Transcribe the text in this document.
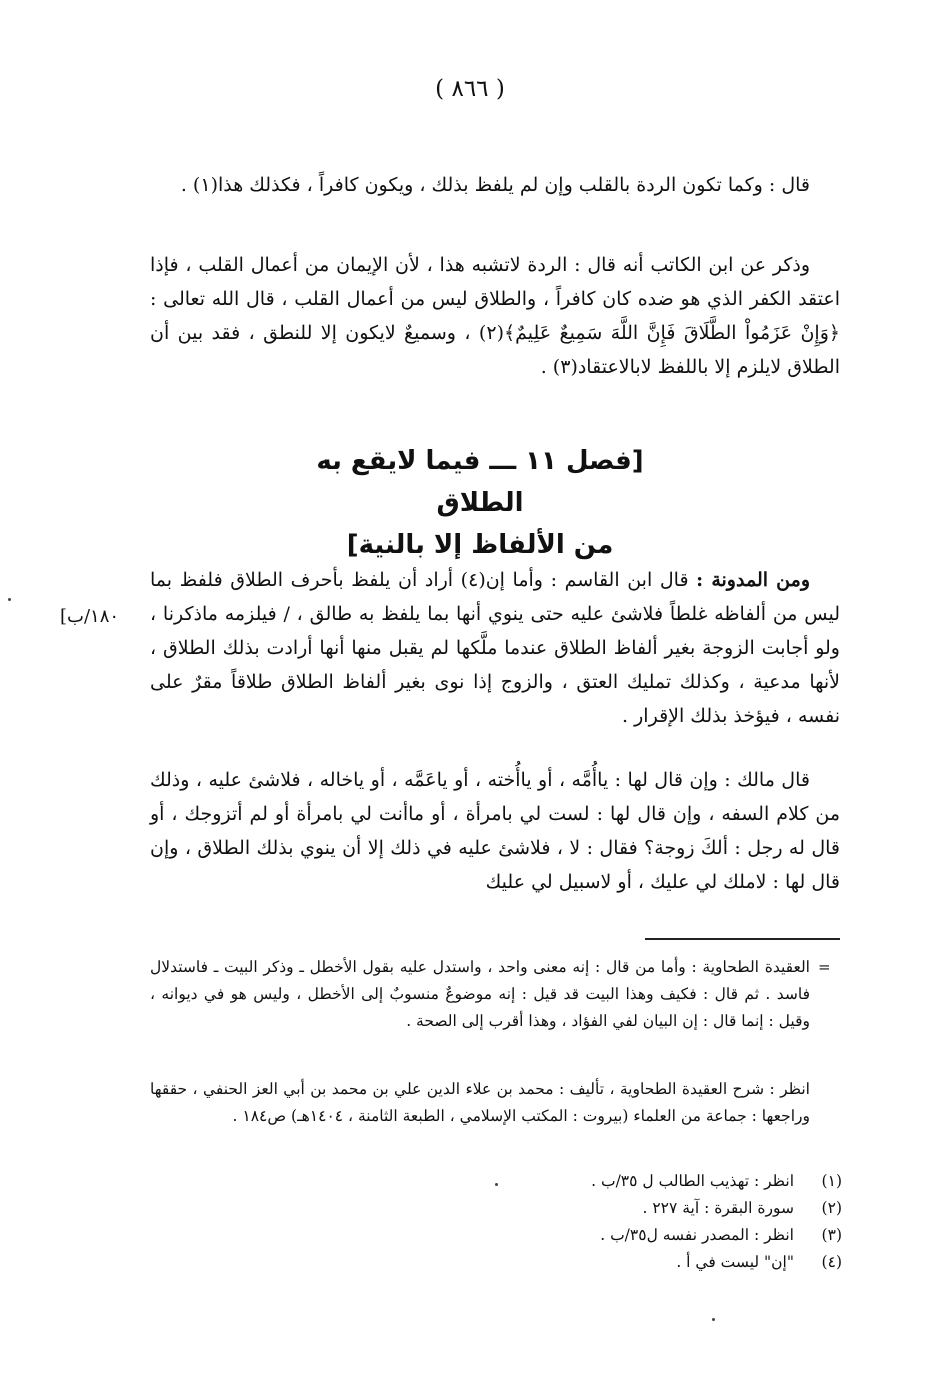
( ٨٦٦ )
قال : وكما تكون الردة بالقلب وإن لم يلفظ بذلك ، ويكون كافراً ، فكذلك هذا(١) .
وذكر عن ابن الكاتب أنه قال : الردة لاتشبه هذا ، لأن الإيمان من أعمال القلب ، فإذا اعتقد الكفر الذي هو ضده كان كافراً ، والطلاق ليس من أعمال القلب ، قال الله تعالى : ﴿وَإِنْ عَزَمُواْ الطَّلَاقَ فَإِنَّ اللَّهَ سَمِيعٌ عَلِيمٌ﴾(٢) ، وسميعٌ لايكون إلا للنطق ، فقد بين أن الطلاق لايلزم إلا باللفظ لابالاعتقاد(٣) .
[فصل ١١ ـــ فيما لايقع به الطلاق
من الألفاظ إلا بالنية]
ومن المدونة : قال ابن القاسم : وأما إن(٤) أراد أن يلفظ بأحرف الطلاق فلفظ بما ليس من ألفاظه غلطاً فلاشئ عليه حتى ينوي أنها بما يلفظ به طالق ، / فيلزمه ماذكرنا ، ولو أجابت الزوجة بغير ألفاظ الطلاق عندما ملَّكها لم يقبل منها أنها أرادت بذلك الطلاق ، لأنها مدعية ، وكذلك تمليك العتق ، والزوج إذا نوى بغير ألفاظ الطلاق طلاقاً مقرٌ على نفسه ، فيؤخذ بذلك الإقرار .
[١٨٠/ب
قال مالك : وإن قال لها : ياأُمَّه ، أو ياأُخته ، أو ياعَمَّه ، أو ياخاله ، فلاشئ عليه ، وذلك من كلام السفه ، وإن قال لها : لست لي بامرأة ، أو ماأنت لي بامرأة أو لم أتزوجك ، أو قال له رجل : ألكَ زوجة؟ فقال : لا ، فلاشئ عليه في ذلك إلا أن ينوي بذلك الطلاق ، وإن قال لها : لاملك لي عليك ، أو لاسبيل لي عليك
=
العقيدة الطحاوية : وأما من قال : إنه معنى واحد ، واستدل عليه بقول الأخطل ـ وذكر البيت ـ فاستدلال فاسد . ثم قال : فكيف وهذا البيت قد قيل : إنه موضوعٌ منسوبٌ إلى الأخطل ، وليس هو في ديوانه ، وقيل : إنما قال : إن البيان لفي الفؤاد ، وهذا أقرب إلى الصحة .
انظر : شرح العقيدة الطحاوية ، تأليف : محمد بن علاء الدين علي بن محمد بن أبي العز الحنفي ، حققها وراجعها : جماعة من العلماء (بيروت : المكتب الإسلامي ، الطبعة الثامنة ، ١٤٠٤هـ) ص١٨٤ .
(١)
انظر : تهذيب الطالب ل ٣٥/ب .
(٢)
سورة البقرة : آية ٢٢٧ .
(٣)
انظر : المصدر نفسه ل٣٥/ب .
(٤)
"إن" ليست في أ .
